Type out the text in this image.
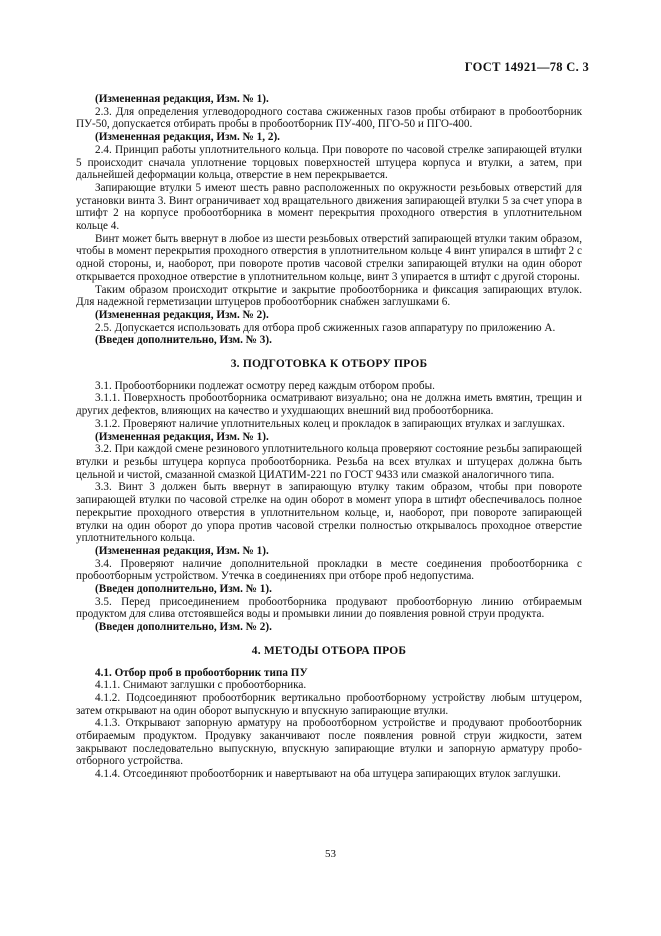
ГОСТ 14921—78 С. 3

(Измененная редакция, Изм. № 1).

2.3. Для определения углеводородного состава сжиженных газов пробы отбирают в пробоотборник ПУ-50, допускается отбирать пробы в пробоотборник ПУ-400, ПГО-50 и ПГО-400.

(Измененная редакция, Изм. № 1, 2).

2.4. Принцип работы уплотнительного кольца. При повороте по часовой стрелке запирающей втулки 5 происходит сначала уплотнение торцовых поверхностей штуцера корпуса и втулки, а затем, при дальнейшей деформации кольца, отверстие в нем перекрывается.

Запирающие втулки 5 имеют шесть равно расположенных по окружности резьбовых отверстий для установки винта 3. Винт ограничивает ход вращательного движения запирающей втулки 5 за счет упора в штифт 2 на корпусе пробоотборника в момент перекрытия проходного отверстия в уплотнительном кольце 4.

Винт может быть ввернут в любое из шести резьбовых отверстий запирающей втулки таким образом, чтобы в момент перекрытия проходного отверстия в уплотнительном кольце 4 винт упирался в штифт 2 с одной стороны, и, наоборот, при повороте против часовой стрелки запирающей втулки на один оборот открывается проходное отверстие в уплотнительном кольце, винт 3 упирается в штифт с другой стороны.

Таким образом происходит открытие и закрытие пробоотборника и фиксация запирающих втулок. Для надежной герметизации штуцеров пробоотборник снабжен заглушками 6.

(Измененная редакция, Изм. № 2).

2.5. Допускается использовать для отбора проб сжиженных газов аппаратуру по приложению А.

(Введен дополнительно, Изм. № 3).

3. ПОДГОТОВКА К ОТБОРУ ПРОБ

3.1. Пробоотборники подлежат осмотру перед каждым отбором пробы.

3.1.1. Поверхность пробоотборника осматривают визуально; она не должна иметь вмятин, трещин и других дефектов, влияющих на качество и ухудшающих внешний вид пробоотборника.

3.1.2. Проверяют наличие уплотнительных колец и прокладок в запирающих втулках и заглушках.

(Измененная редакция, Изм. № 1).

3.2. При каждой смене резинового уплотнительного кольца проверяют состояние резьбы запирающей втулки и резьбы штуцера корпуса пробоотборника. Резьба на всех втулках и штуцерах должна быть цельной и чистой, смазанной смазкой ЦИАТИМ-221 по ГОСТ 9433 или смазкой аналогичного типа.

3.3. Винт 3 должен быть ввернут в запирающую втулку таким образом, чтобы при повороте запирающей втулки по часовой стрелке на один оборот в момент упора в штифт обеспечивалось полное перекрытие проходного отверстия в уплотнительном кольце, и, наоборот, при повороте запирающей втулки на один оборот до упора против часовой стрелки полностью открывалось проходное отверстие уплотнительного кольца.

(Измененная редакция, Изм. № 1).

3.4. Проверяют наличие дополнительной прокладки в месте соединения пробоотборника с пробоотборным устройством. Утечка в соединениях при отборе проб недопустима.

(Введен дополнительно, Изм. № 1).

3.5. Перед присоединением пробоотборника продувают пробоотборную линию отбираемым продуктом для слива отстоявшейся воды и промывки линии до появления ровной струи продукта.

(Введен дополнительно, Изм. № 2).

4. МЕТОДЫ ОТБОРА ПРОБ

4.1. Отбор проб в пробоотборник типа ПУ

4.1.1. Снимают заглушки с пробоотборника.

4.1.2. Подсоединяют пробоотборник вертикально пробоотборному устройству любым штуцером, затем открывают на один оборот выпускную и впускную запирающие втулки.

4.1.3. Открывают запорную арматуру на пробоотборном устройстве и продувают пробоотборник отбираемым продуктом. Продувку заканчивают после появления ровной струи жидкости, затем закрывают последовательно выпускную, впускную запирающие втулки и запорную арматуру пробоотборного устройства.

4.1.4. Отсоединяют пробоотборник и навертывают на оба штуцера запирающих втулок заглушки.

53
